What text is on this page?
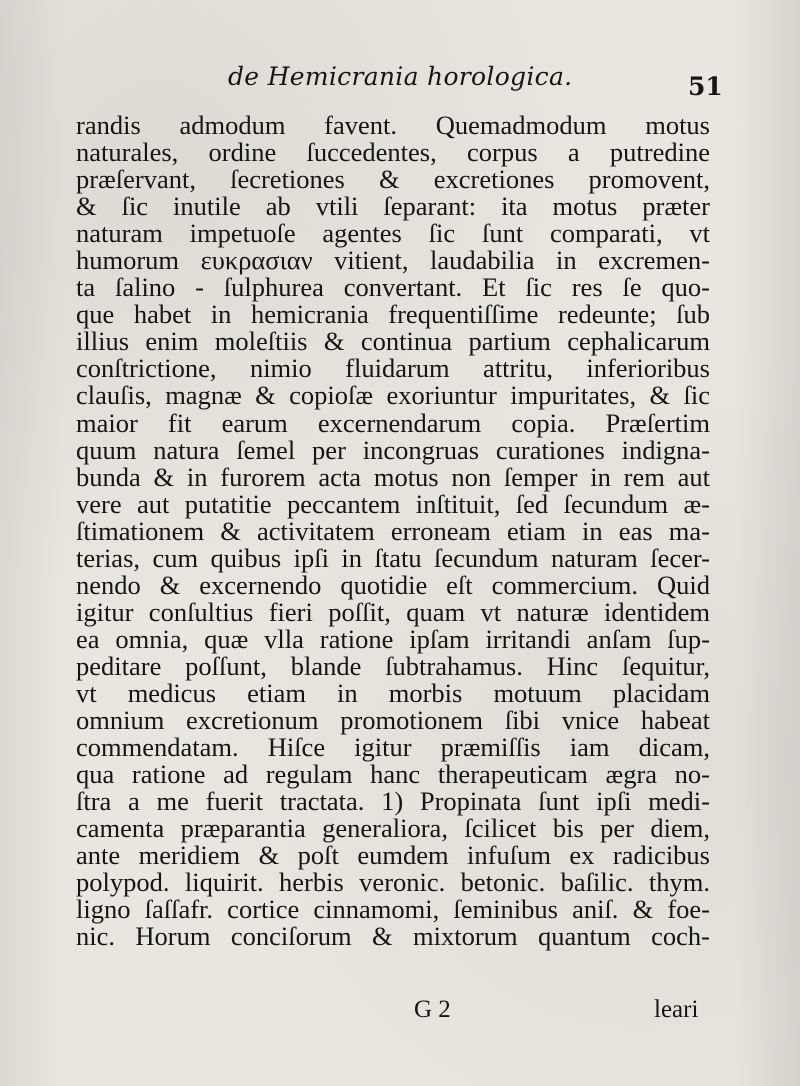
de Hemicrania horologica.	51
randis admodum favent. Quemadmodum motus
naturales, ordine ſuccedentes, corpus a putredine
præſervant, ſecretiones & excretiones promovent,
& ſic inutile ab vtili ſeparant: ita motus præter
naturam impetuoſe agentes ſic ſunt comparati, vt
humorum ευκρασιαν vitient, laudabilia in excremen-
ta ſalino - ſulphurea convertant. Et ſic res ſe quo-
que habet in hemicrania frequentiſſime redeunte; ſub
illius enim moleſtiis & continua partium cephalicarum
conſtrictione, nimio fluidarum attritu, inferioribus
clauſis, magnæ & copioſæ exoriuntur impuritates, & ſic
maior fit earum excernendarum copia. Præſertim
quum natura ſemel per incongruas curationes indigna-
bunda & in furorem acta motus non ſemper in rem aut
vere aut putatitie peccantem inſtituit, ſed ſecundum æ-
ſtimationem & activitatem erroneam etiam in eas ma-
terias, cum quibus ipſi in ſtatu ſecundum naturam ſecer-
nendo & excernendo quotidie eſt commercium. Quid
igitur conſultius fieri poſſit, quam vt naturæ identidem
ea omnia, quæ vlla ratione ipſam irritandi anſam ſup-
peditare poſſunt, blande ſubtrahamus. Hinc ſequitur,
vt medicus etiam in morbis motuum placidam
omnium excretionum promotionem ſibi vnice habeat
commendatam. Hiſce igitur præmiſſis iam dicam,
qua ratione ad regulam hanc therapeuticam ægra no-
ſtra a me fuerit tractata. 1) Propinata ſunt ipſi medi-
camenta præparantia generaliora, ſcilicet bis per diem,
ante meridiem & poſt eumdem infuſum ex radicibus
polypod. liquirit. herbis veronic. betonic. baſilic. thym.
ligno ſaſſafr. cortice cinnamomi, ſeminibus aniſ. & foe-
nic. Horum conciſorum & mixtorum quantum coch-
G 2	leari
